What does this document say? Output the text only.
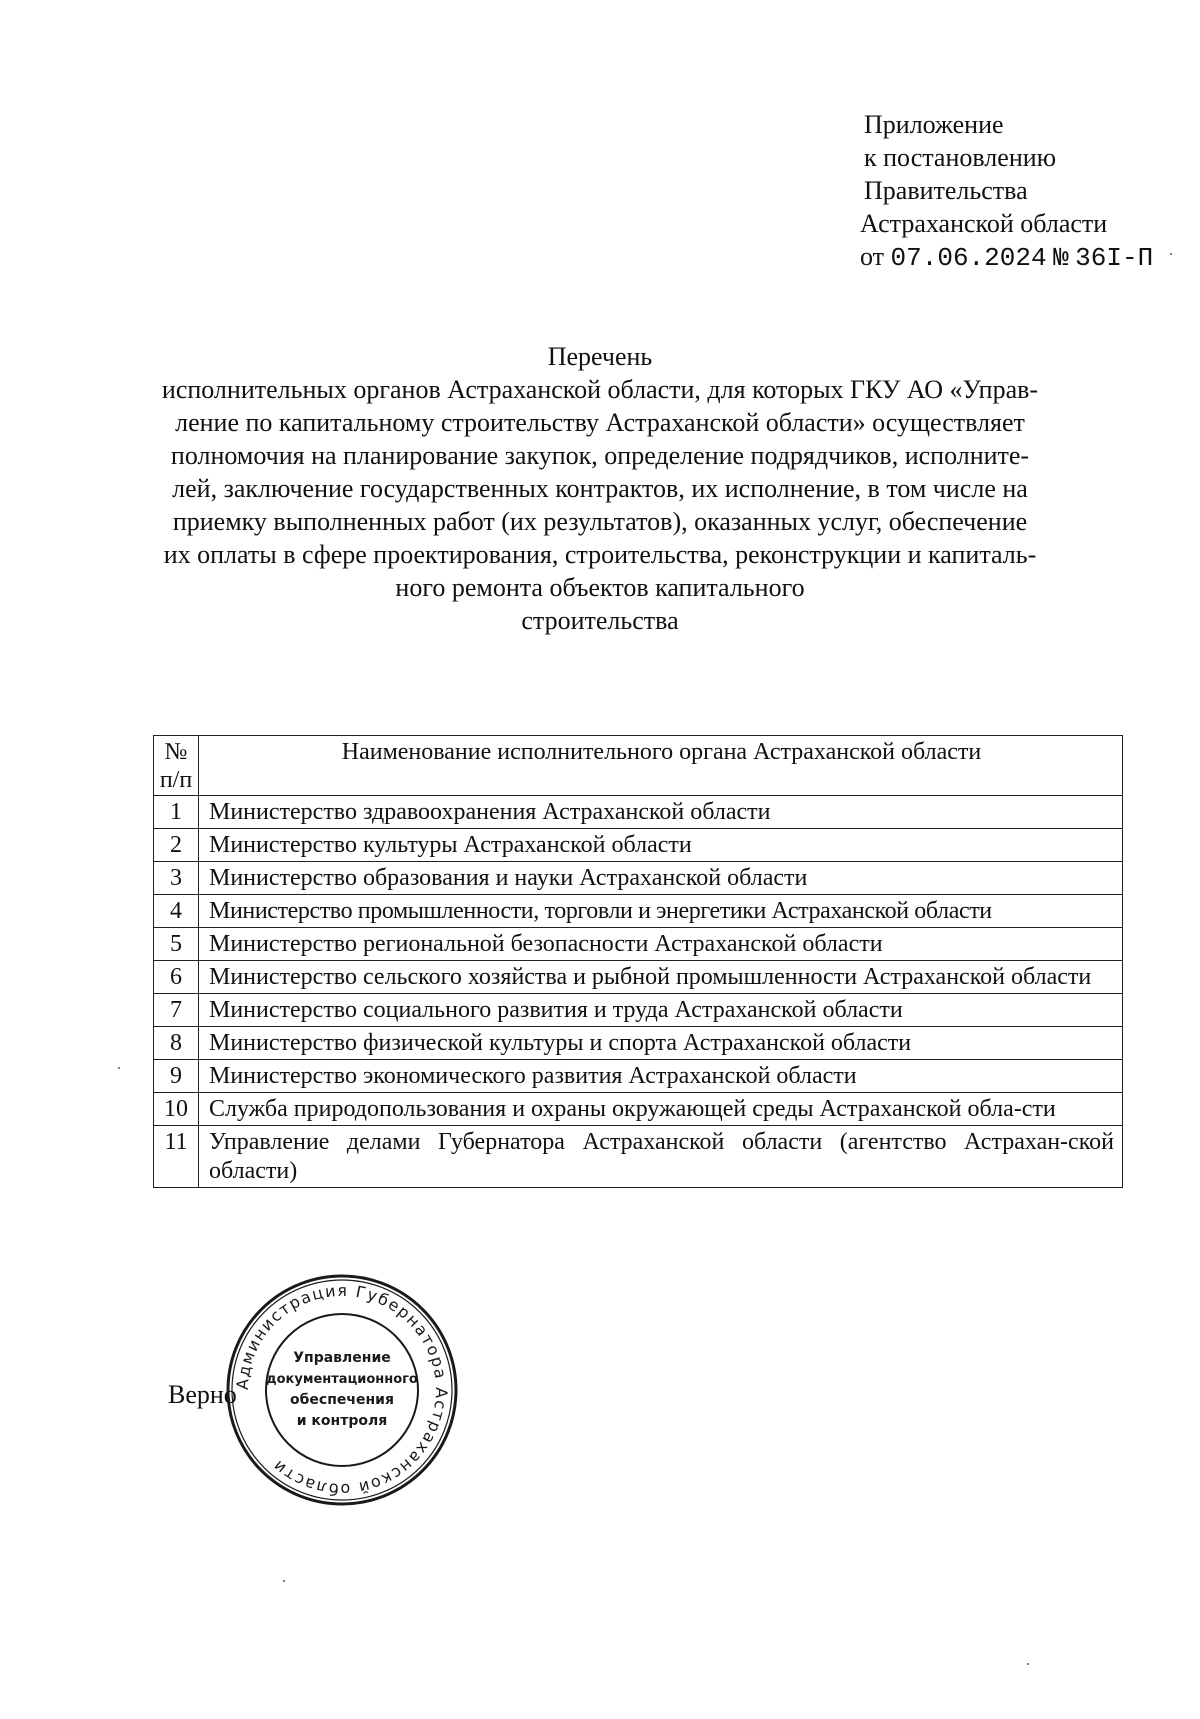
Приложение
к постановлению
Правительства
Астраханской области
от 07.06.2024 № 36I-П
Перечень
исполнительных органов Астраханской области, для которых ГКУ АО «Управ-
ление по капитальному строительству Астраханской области» осуществляет
полномочия на планирование закупок, определение подрядчиков, исполните-
лей, заключение государственных контрактов, их исполнение, в том числе на
приемку выполненных работ (их результатов), оказанных услуг, обеспечение
их оплаты в сфере проектирования, строительства, реконструкции и капиталь-
ного ремонта объектов капитального
строительства
№
п/п	Наименование исполнительного органа Астраханской области
1	Министерство здравоохранения Астраханской области
2	Министерство культуры Астраханской области
3	Министерство образования и науки Астраханской области
4	Министерство промышленности, торговли и энергетики Астраханской области
5	Министерство региональной безопасности Астраханской области
6	Министерство сельского хозяйства и рыбной промышленности Астраханской области
7	Министерство социального развития и труда Астраханской области
8	Министерство физической культуры и спорта Астраханской области
9	Министерство экономического развития Астраханской области
10	Служба природопользования и охраны окружающей среды Астраханской обла-сти
11	Управление делами Губернатора Астраханской области (агентство Астрахан-ской области)
Верно
Администрация Губернатора Астраханской области
Управление
документационного
обеспечения
и контроля
